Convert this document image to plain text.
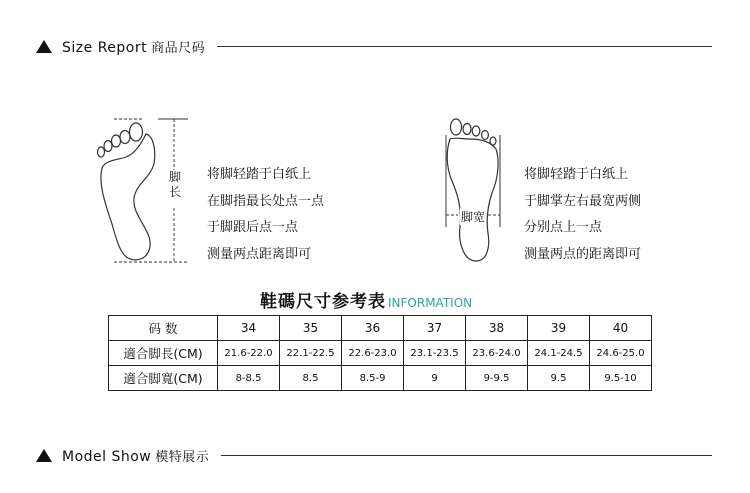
Size Report 商品尺码
脚长
将脚轻踏于白纸上
在脚指最长处点一点
于脚跟后点一点
测量两点距离即可
脚宽
将脚轻踏于白纸上
于脚掌左右最宽两侧
分别点上一点
测量两点的距离即可
鞋碼尺寸参考表 INFORMATION
码 数	34	35	36	37	38	39	40
適合脚長(CM)	21.6-22.0	22.1-22.5	22.6-23.0	23.1-23.5	23.6-24.0	24.1-24.5	24.6-25.0
適合脚寬(CM)	8-8.5	8.5	8.5-9	9	9-9.5	9.5	9.5-10
Model Show 模特展示
